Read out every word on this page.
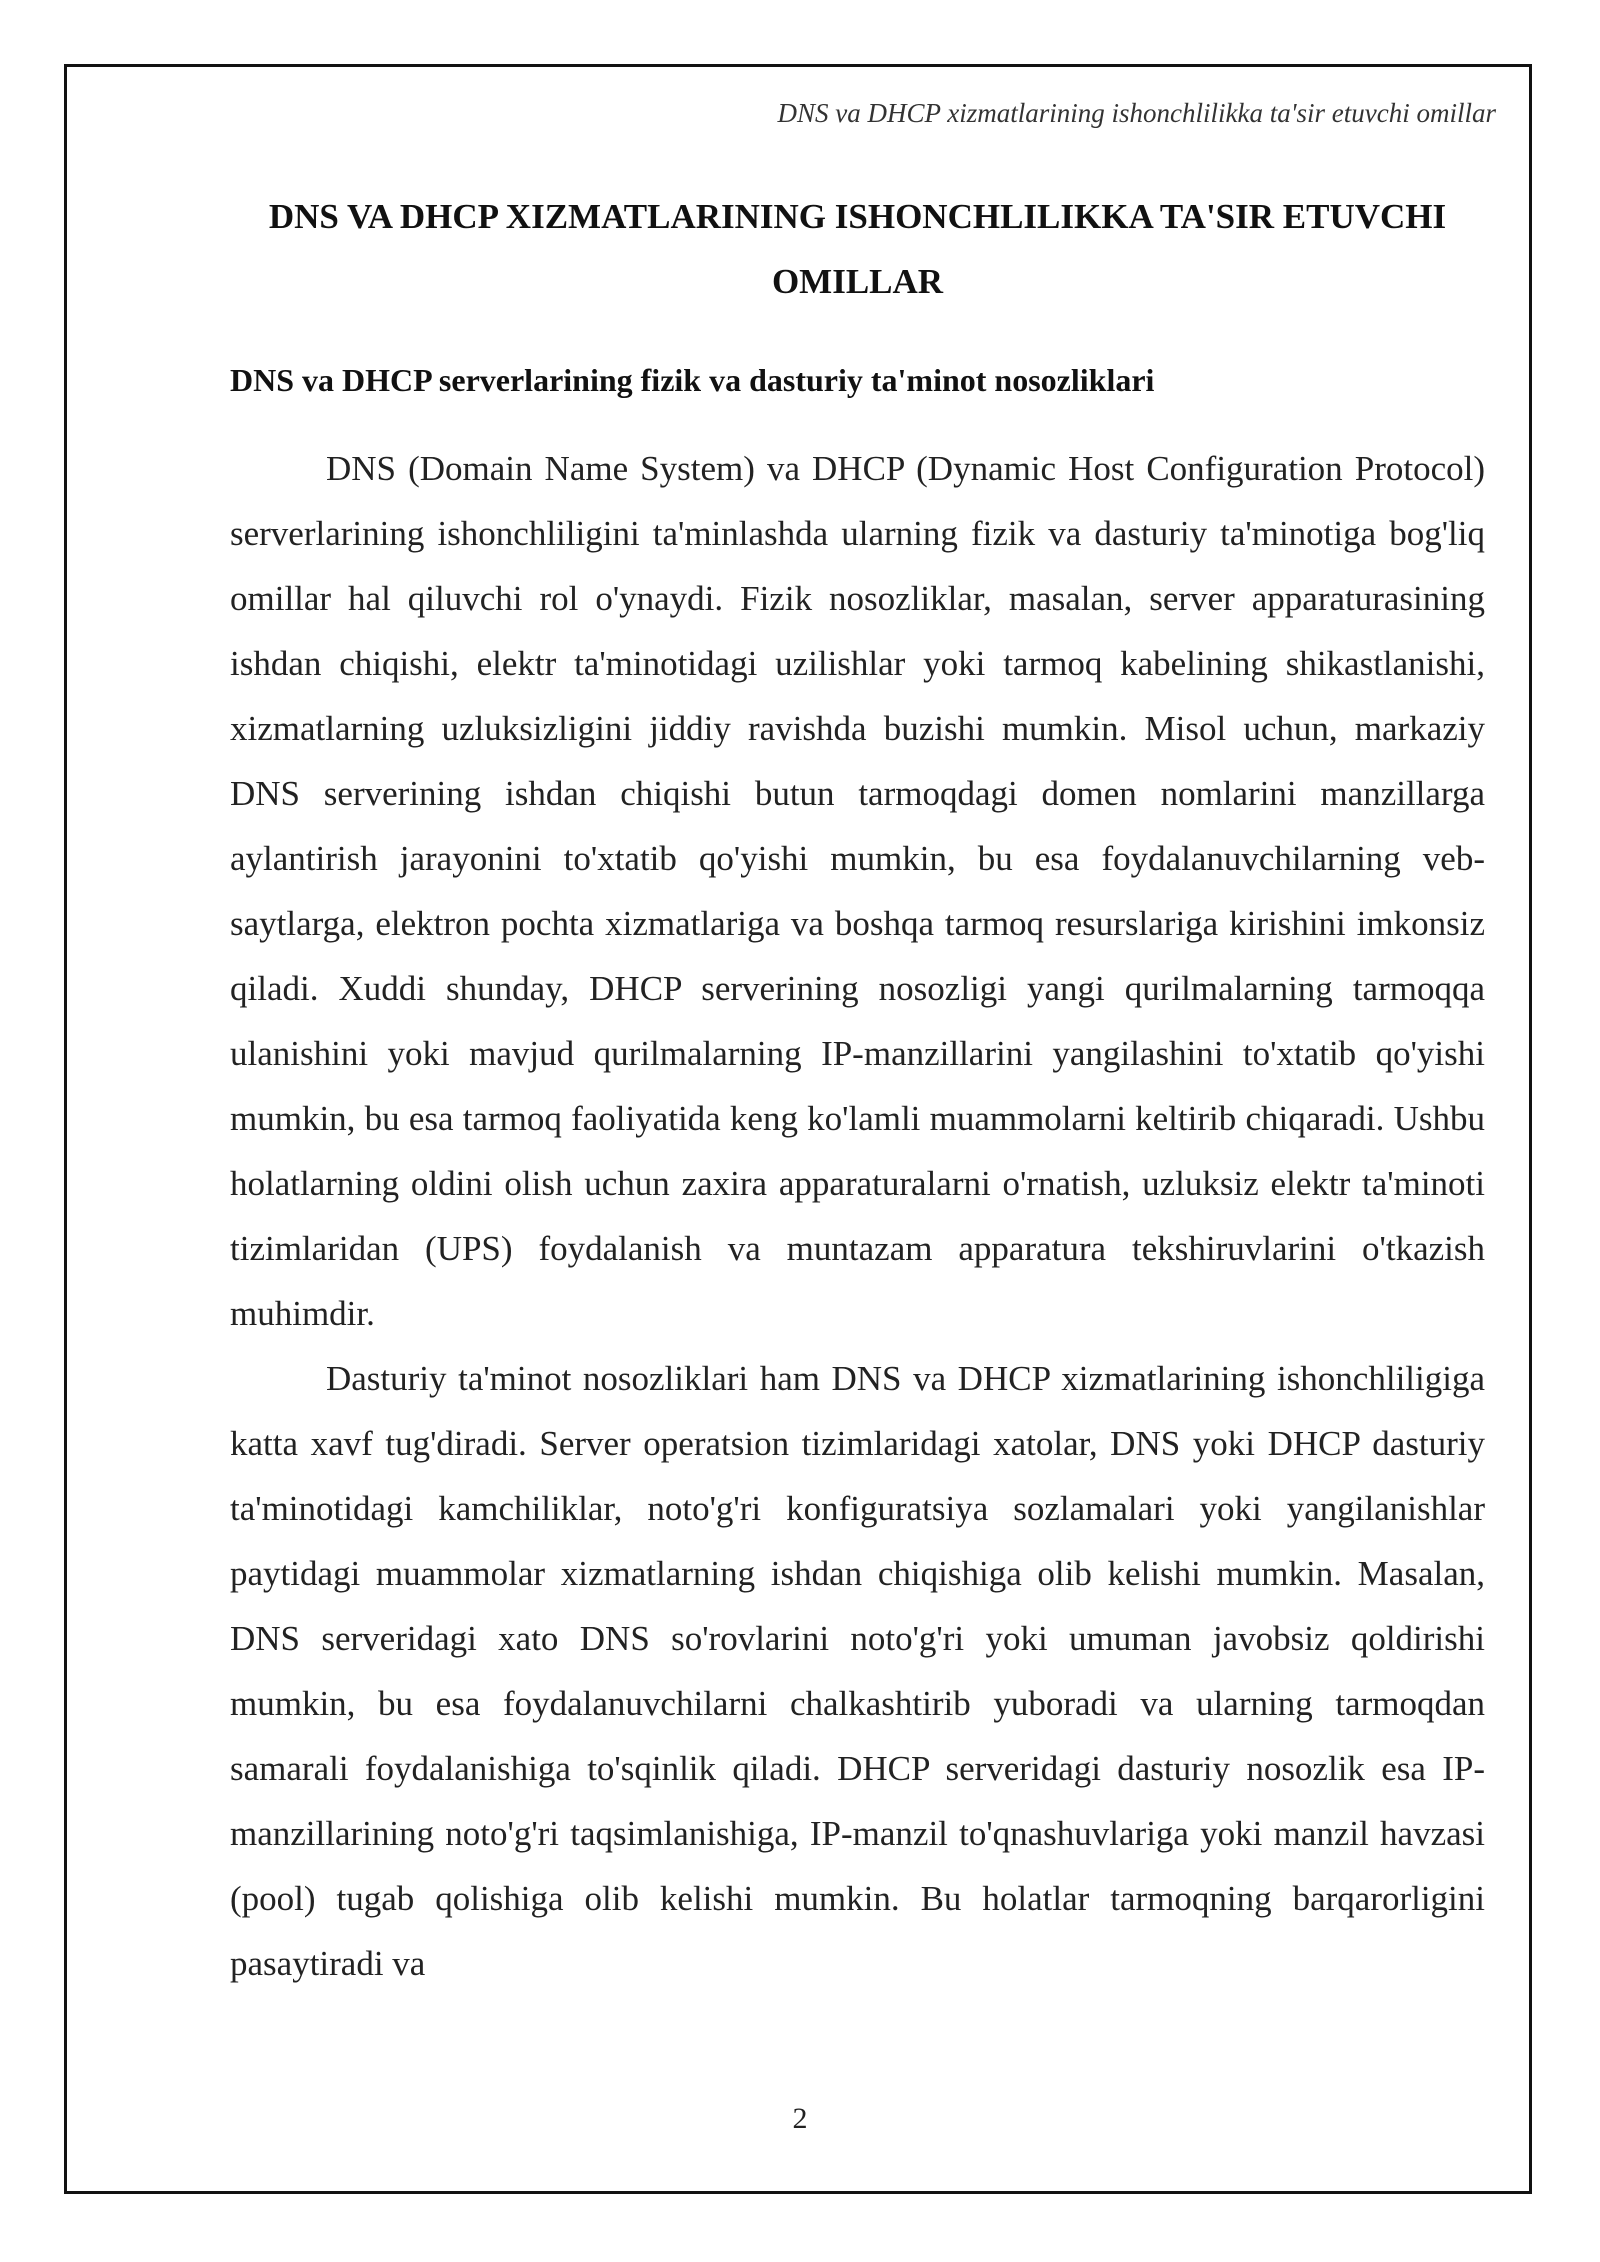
DNS va DHCP xizmatlarining ishonchlilikka ta'sir etuvchi omillar
DNS VA DHCP XIZMATLARINING ISHONCHLILIKKA TA'SIR ETUVCHI OMILLAR
DNS va DHCP serverlarining fizik va dasturiy ta'minot nosozliklari

DNS (Domain Name System) va DHCP (Dynamic Host Configuration Protocol) serverlarining ishonchliligini ta'minlashda ularning fizik va dasturiy ta'minotiga bog'liq omillar hal qiluvchi rol o'ynaydi. Fizik nosozliklar, masalan, server apparaturasining ishdan chiqishi, elektr ta'minotidagi uzilishlar yoki tarmoq kabelining shikastlanishi, xizmatlarning uzluksizligini jiddiy ravishda buzishi mumkin. Misol uchun, markaziy DNS serverining ishdan chiqishi butun tarmoqdagi domen nomlarini manzillarga aylantirish jarayonini to'xtatib qo'yishi mumkin, bu esa foydalanuvchilarning veb-saytlarga, elektron pochta xizmatlariga va boshqa tarmoq resurslariga kirishini imkonsiz qiladi. Xuddi shunday, DHCP serverining nosozligi yangi qurilmalarning tarmoqqa ulanishini yoki mavjud qurilmalarning IP-manzillarini yangilashini to'xtatib qo'yishi mumkin, bu esa tarmoq faoliyatida keng ko'lamli muammolarni keltirib chiqaradi. Ushbu holatlarning oldini olish uchun zaxira apparaturalarni o'rnatish, uzluksiz elektr ta'minoti tizimlaridan (UPS) foydalanish va muntazam apparatura tekshiruvlarini o'tkazish muhimdir.

Dasturiy ta'minot nosozliklari ham DNS va DHCP xizmatlarining ishonchliligiga katta xavf tug'diradi. Server operatsion tizimlaridagi xatolar, DNS yoki DHCP dasturiy ta'minotidagi kamchiliklar, noto'g'ri konfiguratsiya sozlamalari yoki yangilanishlar paytidagi muammolar xizmatlarning ishdan chiqishiga olib kelishi mumkin. Masalan, DNS serveridagi xato DNS so'rovlarini noto'g'ri yoki umuman javobsiz qoldirishi mumkin, bu esa foydalanuvchilarni chalkashtirib yuboradi va ularning tarmoqdan samarali foydalanishiga to'sqinlik qiladi. DHCP serveridagi dasturiy nosozlik esa IP-manzillarining noto'g'ri taqsimlanishiga, IP-manzil to'qnashuvlariga yoki manzil havzasi (pool) tugab qolishiga olib kelishi mumkin. Bu holatlar tarmoqning barqarorligini pasaytiradi va

2
